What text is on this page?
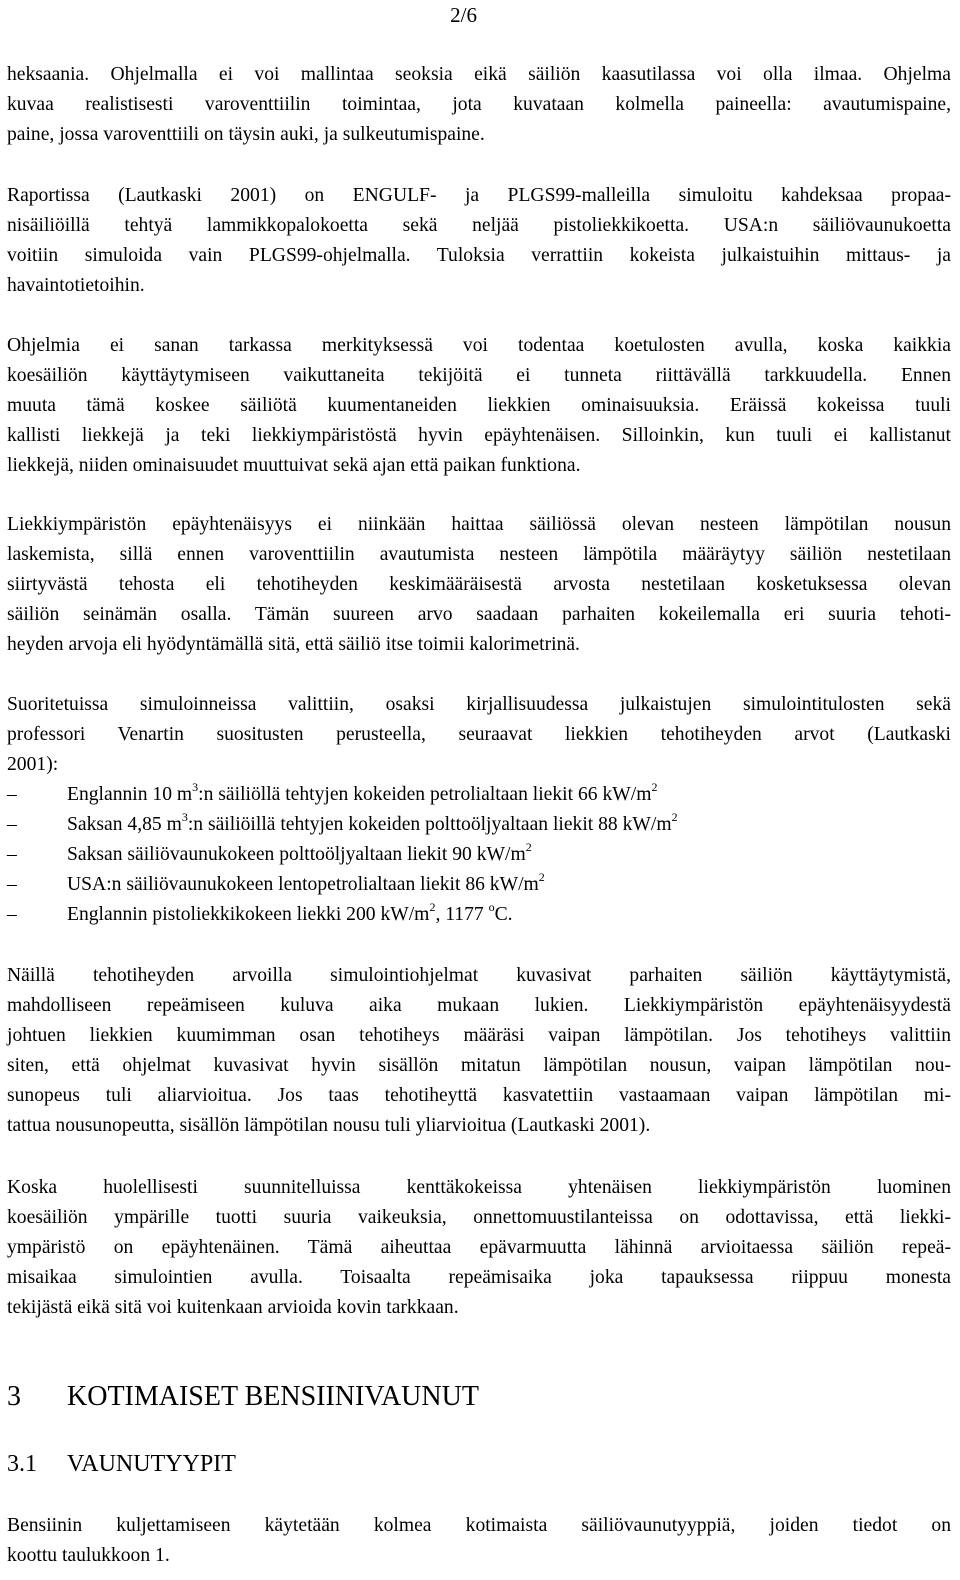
2/6
heksaania. Ohjelmalla ei voi mallintaa seoksia eikä säiliön kaasutilassa voi olla ilmaa. Ohjelma
kuvaa realistisesti varoventtiilin toimintaa, jota kuvataan kolmella paineella: avautumispaine,
paine, jossa varoventtiili on täysin auki, ja sulkeutumispaine.
Raportissa (Lautkaski 2001) on ENGULF- ja PLGS99-malleilla simuloitu kahdeksaa propaa-
nisäiliöillä tehtyä lammikkopalokoetta sekä neljää pistoliekkikoetta. USA:n säiliövaunukoetta
voitiin simuloida vain PLGS99-ohjelmalla. Tuloksia verrattiin kokeista julkaistuihin mittaus- ja
havaintotietoihin.
Ohjelmia ei sanan tarkassa merkityksessä voi todentaa koetulosten avulla, koska kaikkia
koesäiliön käyttäytymiseen vaikuttaneita tekijöitä ei tunneta riittävällä tarkkuudella. Ennen
muuta tämä koskee säiliötä kuumentaneiden liekkien ominaisuuksia. Eräissä kokeissa tuuli
kallisti liekkejä ja teki liekkiympäristöstä hyvin epäyhtenäisen. Silloinkin, kun tuuli ei kallistanut
liekkejä, niiden ominaisuudet muuttuivat sekä ajan että paikan funktiona.
Liekkiympäristön epäyhtenäisyys ei niinkään haittaa säiliössä olevan nesteen lämpötilan nousun
laskemista, sillä ennen varoventtiilin avautumista nesteen lämpötila määräytyy säiliön nestetilaan
siirtyvästä tehosta eli tehotiheyden keskimääräisestä arvosta nestetilaan kosketuksessa olevan
säiliön seinämän osalla. Tämän suureen arvo saadaan parhaiten kokeilemalla eri suuria tehoti-
heyden arvoja eli hyödyntämällä sitä, että säiliö itse toimii kalorimetrinä.
Suoritetuissa simuloinneissa valittiin, osaksi kirjallisuudessa julkaistujen simulointitulosten sekä
professori Venartin suositusten perusteella, seuraavat liekkien tehotiheyden arvot (Lautkaski
2001):
–	Englannin 10 $m^3:n$ säiliöllä tehtyjen kokeiden petrolialtaan liekit 66 $kW/m^2$
–	Saksan 4,85 $m^3:n$ säiliöillä tehtyjen kokeiden polttoöljyaltaan liekit 88 $kW/m^2$
–	Saksan säiliövaunukokeen polttoöljyaltaan liekit 90 $kW/m^2$
–	USA:n säiliövaunukokeen lentopetrolialtaan liekit 86 $kW/m^2$
–	Englannin pistoliekkikokeen liekki 200 $kW/m^2$, 1177 $^o$C.
Näillä tehotiheyden arvoilla simulointiohjelmat kuvasivat parhaiten säiliön käyttäytymistä,
mahdolliseen repeämiseen kuluva aika mukaan lukien. Liekkiympäristön epäyhtenäisyydestä
johtuen liekkien kuumimman osan tehotiheys määräsi vaipan lämpötilan. Jos tehotiheys valittiin
siten, että ohjelmat kuvasivat hyvin sisällön mitatun lämpötilan nousun, vaipan lämpötilan nou-
sunopeus tuli aliarvioitua. Jos taas tehotiheyttä kasvatettiin vastaamaan vaipan lämpötilan mi-
tattua nousunopeutta, sisällön lämpötilan nousu tuli yliarvioitua (Lautkaski 2001).
Koska huolellisesti suunnitelluissa kenttäkokeissa yhtenäisen liekkiympäristön luominen
koesäiliön ympärille tuotti suuria vaikeuksia, onnettomuustilanteissa on odottavissa, että liekki-
ympäristö on epäyhtenäinen. Tämä aiheuttaa epävarmuutta lähinnä arvioitaessa säiliön repeä-
misaikaa simulointien avulla. Toisaalta repeämisaika joka tapauksessa riippuu monesta
tekijästä eikä sitä voi kuitenkaan arvioida kovin tarkkaan.
3 KOTIMAISET BENSIINIVAUNUT
3.1 VAUNUTYYPIT
Bensiinin kuljettamiseen käytetään kolmea kotimaista säiliövaunutyyppiä, joiden tiedot on
koottu taulukkoon 1.
